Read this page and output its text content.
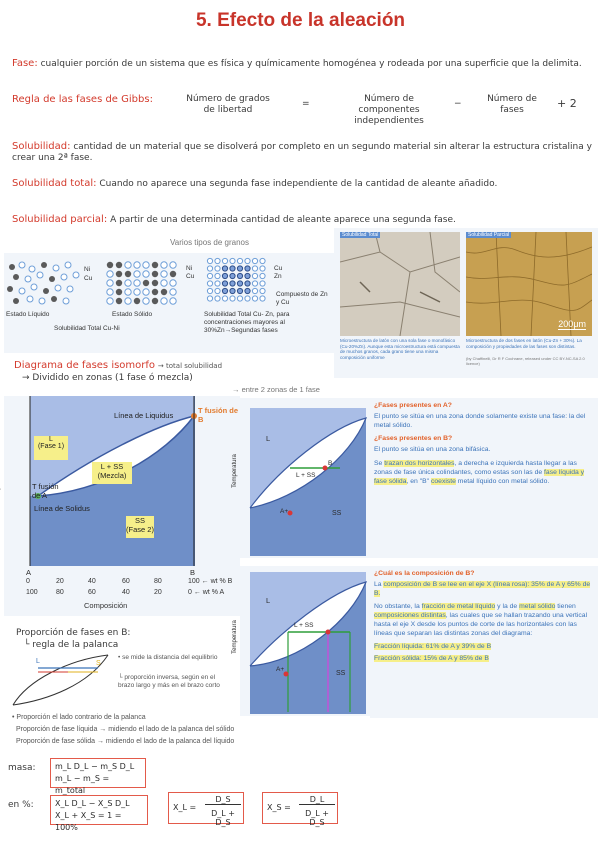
5. Efecto de la aleación
Fase: cualquier porción de un sistema que es física y químicamente homogénea y rodeada por una superficie que la delimita.
Regla de las fases de Gibbs:	Número de grados de libertad
=	Número de componentes independientes
−	Número de fases	+ 2
Solubilidad: cantidad de un material que se disolverá por completo en un segundo material sin alterar la estructura cristalina y crear una 2ª fase.
Solubilidad total: Cuando no aparece una segunda fase independiente de la cantidad de aleante añadido.
Solubilidad parcial: A partir de una determinada cantidad de aleante aparece una segunda fase.
Varios tipos de granos
Estado Líquido	Estado Sólido
Solubilidad Total Cu-Ni
Ni
Cu
Ni
Cu
Cu
Zn
Compuesto de Zn y Cu
Solubilidad Total Cu- Zn, para concentraciones mayores al 30%Zn→Segundas fases
Solubilidad Total
200μm
Solubilidad Parcial
Microestructura de latón con una sola fase o monofásico (Cu-20%Zn). Aunque esta microestructura está compuesta de muchos granos, cada grano tiene una misma composición uniforme
Microestructura de dos fases en latón (Cu-Zn + 30%). La composición y propiedades de las fases son distintas.
(by Chaffinelli, Dr R F Cochrane, released under CC BY-NC-SA 2.0 licence)
Diagrama de fases isomorfo → total solubilidad
→ Dividido en zonas (1 fase ó mezcla)
→ entre 2 zonas de 1 fase
Línea de Liquidus
T fusión de B
L
(Fase 1)
T fusión de A
L + SS
(Mezcla)
Línea de Solidus
SS
(Fase 2)
A	B
0	20	40	60	80	100 ← wt % B
100	80	60	40	20	0 ← wt % A
Composición
L
B
L + SS
A+	SS
Temperatura
L
L + SS
A+
SS
Temperatura
¿Fases presentes en A?
El punto se sitúa en una zona donde solamente existe una fase: la del metal sólido.
¿Fases presentes en B?
El punto se sitúa en una zona bifásica.
Se trazan dos horizontales, a derecha e izquierda hasta llegar a las zonas de fase única colindantes, como estas son las de fase líquida y fase sólida, en "B" coexiste metal líquido con metal sólido.
¿Cuál es la composición de B?
La composición de B se lee en el eje X (línea rosa): 35% de A y 65% de B.
No obstante, la fracción de metal líquido y la de metal sólido tienen composiciones distintas, las cuales que se hallan trazando una vertical hasta el eje X desde los puntos de corte de las horizontales con las líneas que separan las distintas zonas del diagrama:
Fracción líquida: 61% de A y 39% de B
Fracción sólida: 15% de A y 85% de B
Proporción de fases en B:
└ regla de la palanca
L	S
• se mide la distancia del equilibrio
└ proporción inversa, según en el brazo largo y más en el brazo corto
• Proporción el lado contrario de la palanca
Proporción de fase líquida → midiendo el lado de la palanca del sólido
Proporción de fase sólida → midiendo el lado de la palanca del líquido
masa: m_L D_L − m_S D_L
m_L − m_S = m_total
en %:	X_L D_L − X_S D_L
X_L + X_S = 1 = 100%
X_L =
D_S
D_L + D_S
X_S =
D_L
D_L + D_S
